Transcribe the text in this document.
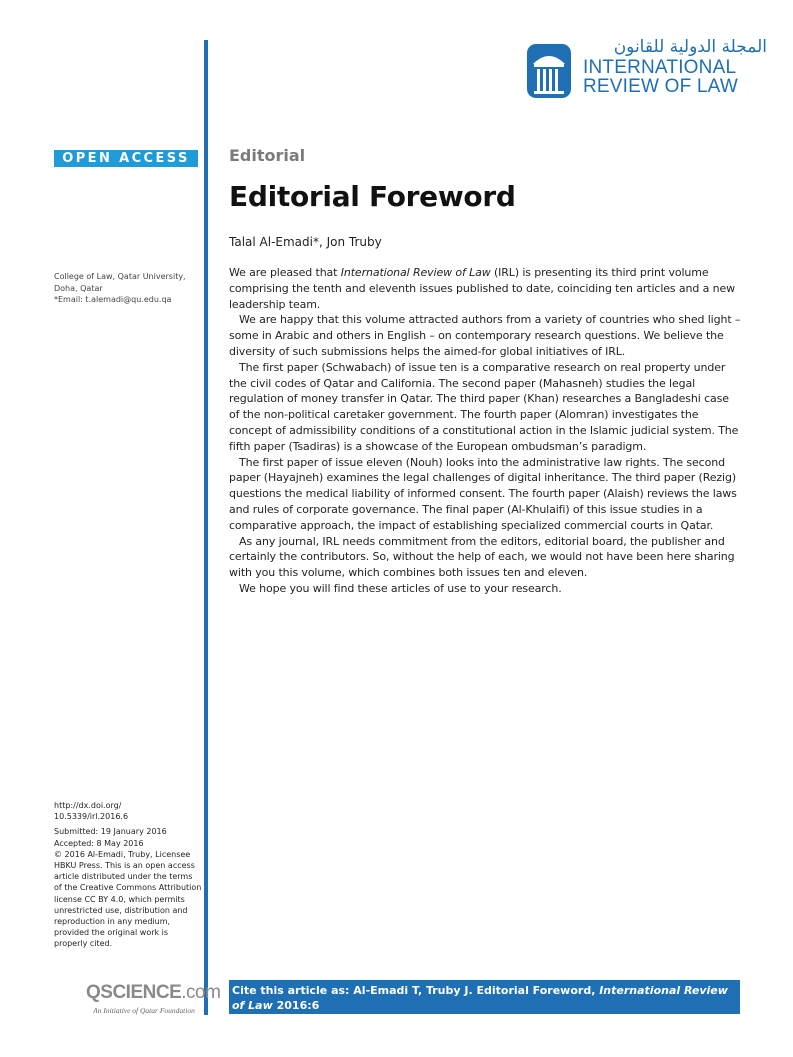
المجلة الدولية للقانون
INTERNATIONAL
REVIEW OF LAW
OPEN ACCESS	Editorial
Editorial Foreword
Talal Al-Emadi*, Jon Truby
College of Law, Qatar University,
Doha, Qatar
*Email: t.alemadi@qu.edu.qa

We are pleased that International Review of Law (IRL) is presenting its third print volume comprising the tenth and eleventh issues published to date, coinciding ten articles and a new leadership team.

We are happy that this volume attracted authors from a variety of countries who shed light – some in Arabic and others in English – on contemporary research questions. We believe the diversity of such submissions helps the aimed-for global initiatives of IRL.

The first paper (Schwabach) of issue ten is a comparative research on real property under the civil codes of Qatar and California. The second paper (Mahasneh) studies the legal regulation of money transfer in Qatar. The third paper (Khan) researches a Bangladeshi case of the non-political caretaker government. The fourth paper (Alomran) investigates the concept of admissibility conditions of a constitutional action in the Islamic judicial system. The fifth paper (Tsadiras) is a showcase of the European ombudsman’s paradigm.

The first paper of issue eleven (Nouh) looks into the administrative law rights. The second paper (Hayajneh) examines the legal challenges of digital inheritance. The third paper (Rezig) questions the medical liability of informed consent. The fourth paper (Alaish) reviews the laws and rules of corporate governance. The final paper (Al-Khulaifi) of this issue studies in a comparative approach, the impact of establishing specialized commercial courts in Qatar.

As any journal, IRL needs commitment from the editors, editorial board, the publisher and certainly the contributors. So, without the help of each, we would not have been here sharing with you this volume, which combines both issues ten and eleven.

We hope you will find these articles of use to your research.

http://dx.doi.org/
10.5339/irl.2016.6
Submitted: 19 January 2016
Accepted: 8 May 2016
© 2016 Al-Emadi, Truby, Licensee HBKU Press. This is an open access article distributed under the terms of the Creative Commons Attribution license CC BY 4.0, which permits unrestricted use, distribution and reproduction in any medium, provided the original work is properly cited.
QSCIENCE.com
An Initiative of Qatar Foundation
Cite this article as: Al-Emadi T, Truby J. Editorial Foreword, International Review of Law 2016:6
http://dx.doi.org/10.5339/irl.2016.6
